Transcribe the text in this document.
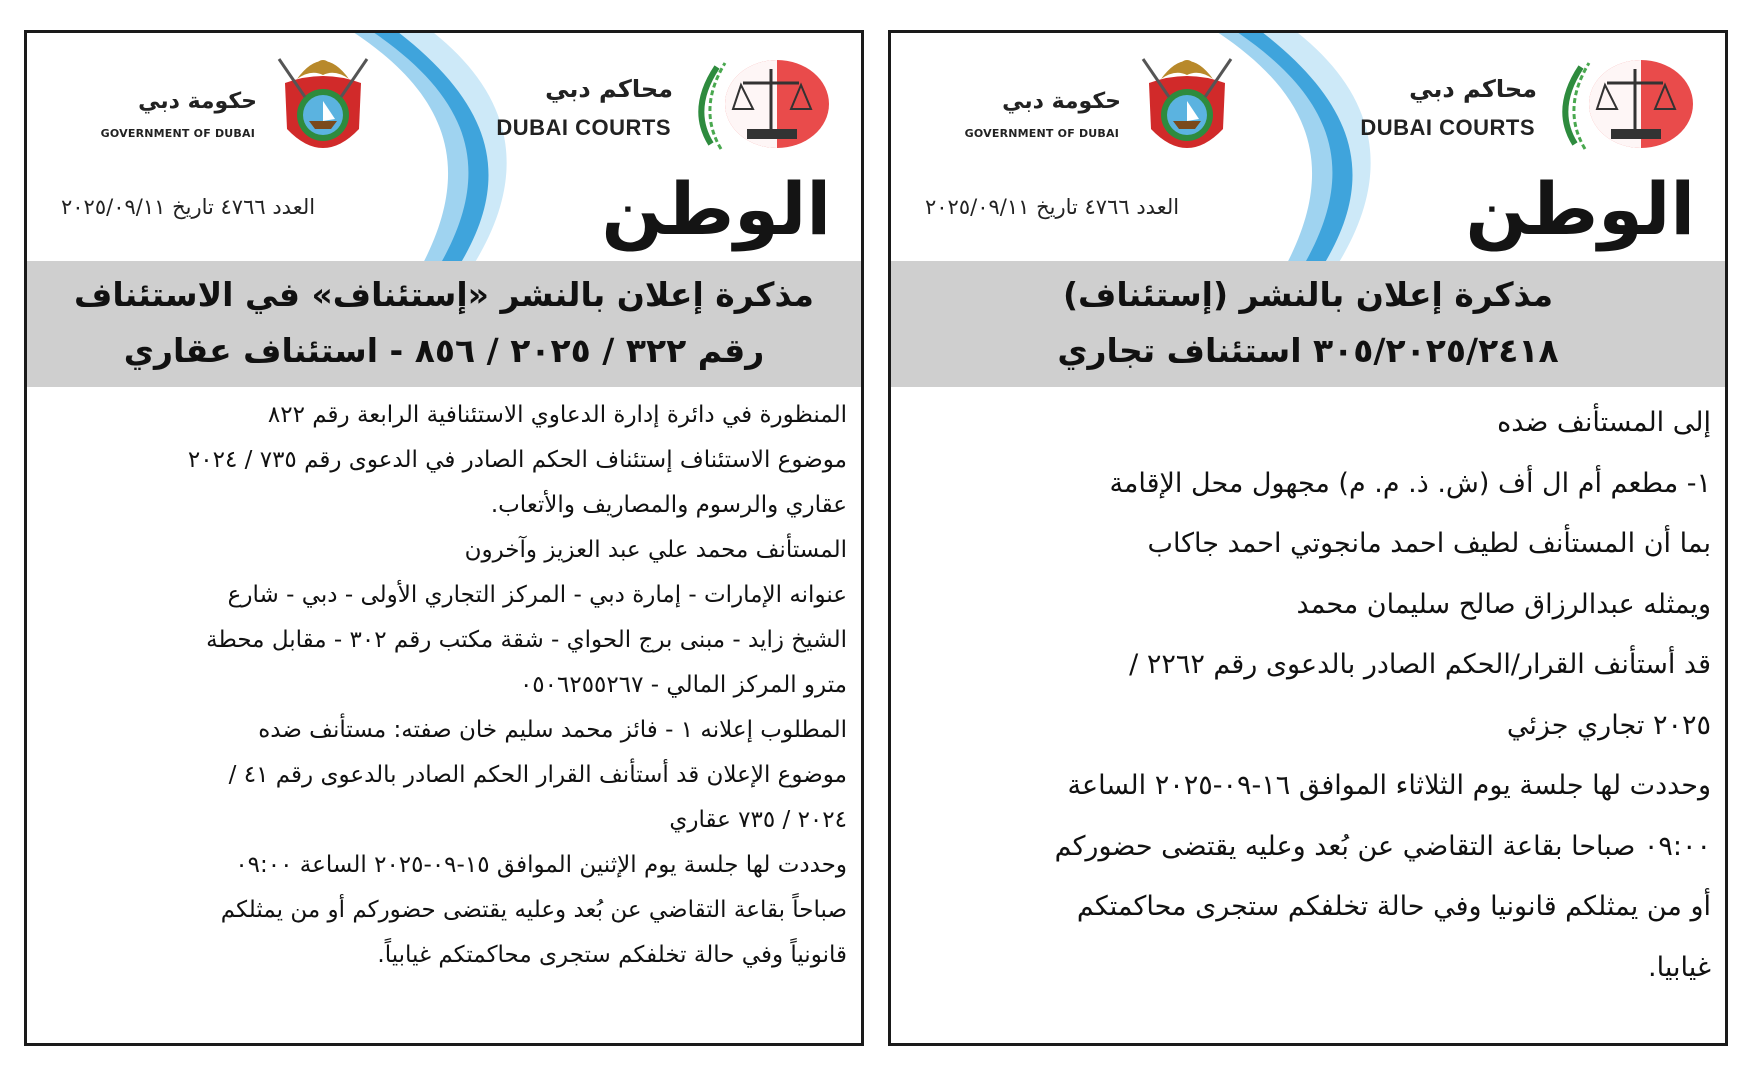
حكومة دبي
GOVERNMENT OF DUBAI
محاكم دبي
DUBAI COURTS
الوطن
العدد ٤٧٦٦ تاريخ ٢٠٢٥/٠٩/١١
مذكرة إعلان بالنشر «إستئناف» في الاستئناف
رقم ٣٢٢ / ٢٠٢٥ / ٨٥٦ - استئناف عقاري

المنظورة في دائرة إدارة الدعاوي الاستئنافية الرابعة رقم ٨٢٢

موضوع الاستئناف إستئناف الحكم الصادر في الدعوى رقم ٧٣٥ / ٢٠٢٤

عقاري والرسوم والمصاريف والأتعاب.

المستأنف محمد علي عبد العزيز وآخرون

عنوانه الإمارات - إمارة دبي - المركز التجاري الأولى - دبي - شارع

الشيخ زايد - مبنى برج الحواي - شقة مكتب رقم ٣٠٢ - مقابل محطة

مترو المركز المالي - ٠٥٠٦٢٥٥٢٦٧

المطلوب إعلانه ١ - فائز محمد سليم خان صفته: مستأنف ضده

موضوع الإعلان قد أستأنف القرار الحكم الصادر بالدعوى رقم ٤١ /

٢٠٢٤ / ٧٣٥ عقاري

وحددت لها جلسة يوم الإثنين الموافق ١٥-٠٩-٢٠٢٥ الساعة ٠٩:٠٠

صباحاً بقاعة التقاضي عن بُعد وعليه يقتضى حضوركم أو من يمثلكم

قانونياً وفي حالة تخلفكم ستجرى محاكمتكم غيابياً.

حكومة دبي
GOVERNMENT OF DUBAI
محاكم دبي
DUBAI COURTS
الوطن
العدد ٤٧٦٦ تاريخ ٢٠٢٥/٠٩/١١
مذكرة إعلان بالنشر (إستئناف)
٣٠٥/٢٠٢٥/٢٤١٨ استئناف تجاري

إلى المستأنف ضده

١- مطعم أم ال أف (ش. ذ. م. م) مجهول محل الإقامة

بما أن المستأنف لطيف احمد مانجوتي احمد جاكاب

ويمثله عبدالرزاق صالح سليمان محمد

قد أستأنف القرار/الحكم الصادر بالدعوى رقم ٢٢٦٢ /

٢٠٢٥ تجاري جزئي

وحددت لها جلسة يوم الثلاثاء الموافق ١٦-٠٩-٢٠٢٥ الساعة

٠٩:٠٠ صباحا بقاعة التقاضي عن بُعد وعليه يقتضى حضوركم

أو من يمثلكم قانونيا وفي حالة تخلفكم ستجرى محاكمتكم

غيابيا.
